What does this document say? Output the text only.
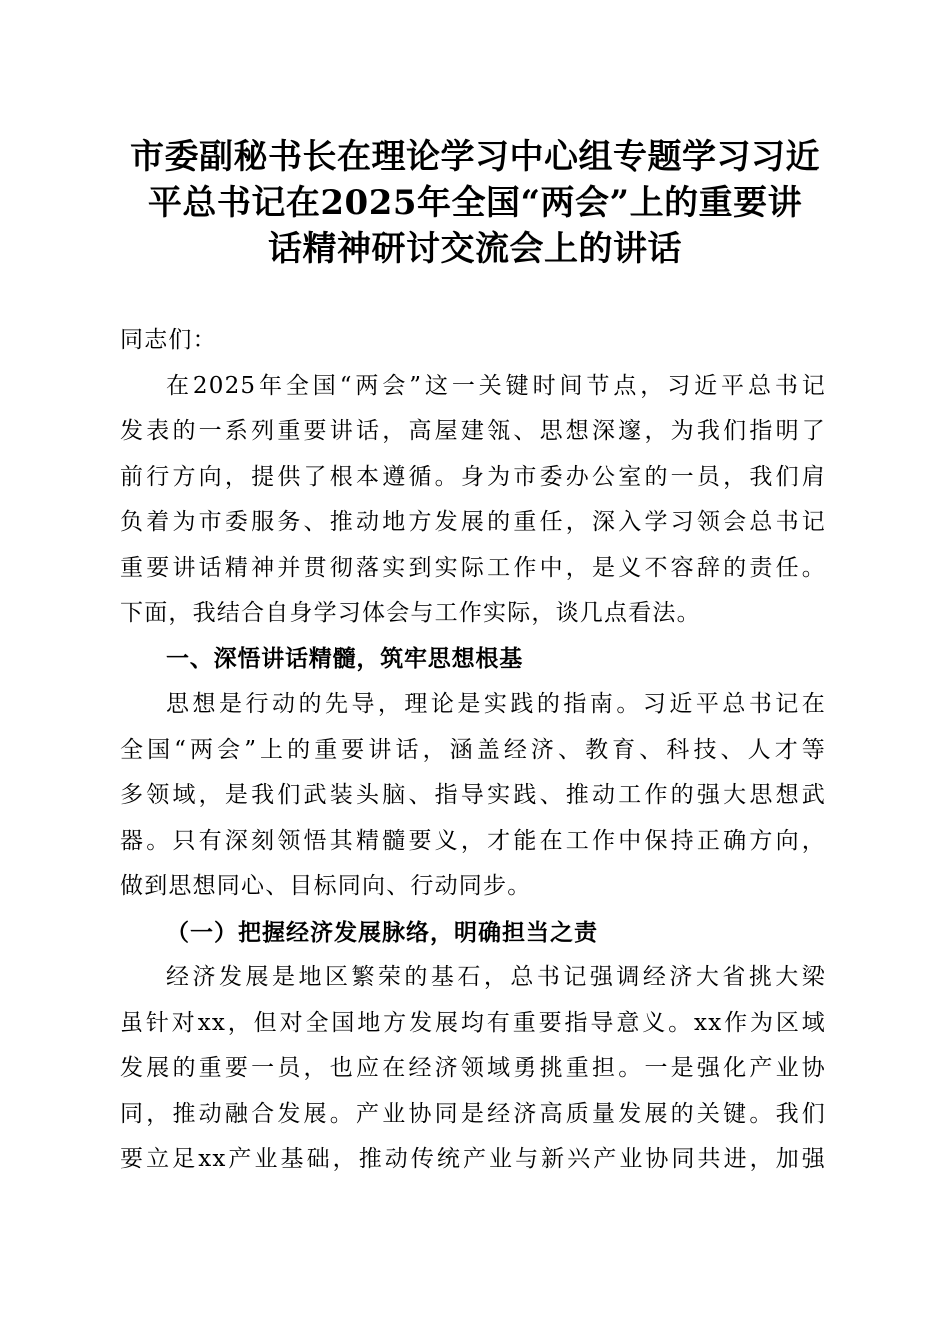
市委副秘书长在理论学习中心组专题学习习近
平总书记在2025年全国“两会”上的重要讲
话精神研讨交流会上的讲话

同志们：

在2025年全国“两会”这一关键时间节点，习近平总书记
发表的一系列重要讲话，高屋建瓴、思想深邃，为我们指明了
前行方向，提供了根本遵循。身为市委办公室的一员，我们肩
负着为市委服务、推动地方发展的重任，深入学习领会总书记
重要讲话精神并贯彻落实到实际工作中，是义不容辞的责任。
下面，我结合自身学习体会与工作实际，谈几点看法。

一、深悟讲话精髓，筑牢思想根基

思想是行动的先导，理论是实践的指南。习近平总书记在
全国“两会”上的重要讲话，涵盖经济、教育、科技、人才等
多领域，是我们武装头脑、指导实践、推动工作的强大思想武
器。只有深刻领悟其精髓要义，才能在工作中保持正确方向，
做到思想同心、目标同向、行动同步。

（一）把握经济发展脉络，明确担当之责

经济发展是地区繁荣的基石，总书记强调经济大省挑大梁
虽针对xx，但对全国地方发展均有重要指导意义。xx作为区域
发展的重要一员，也应在经济领域勇挑重担。一是强化产业协
同，推动融合发展。产业协同是经济高质量发展的关键。我们
要立足xx产业基础，推动传统产业与新兴产业协同共进，加强
